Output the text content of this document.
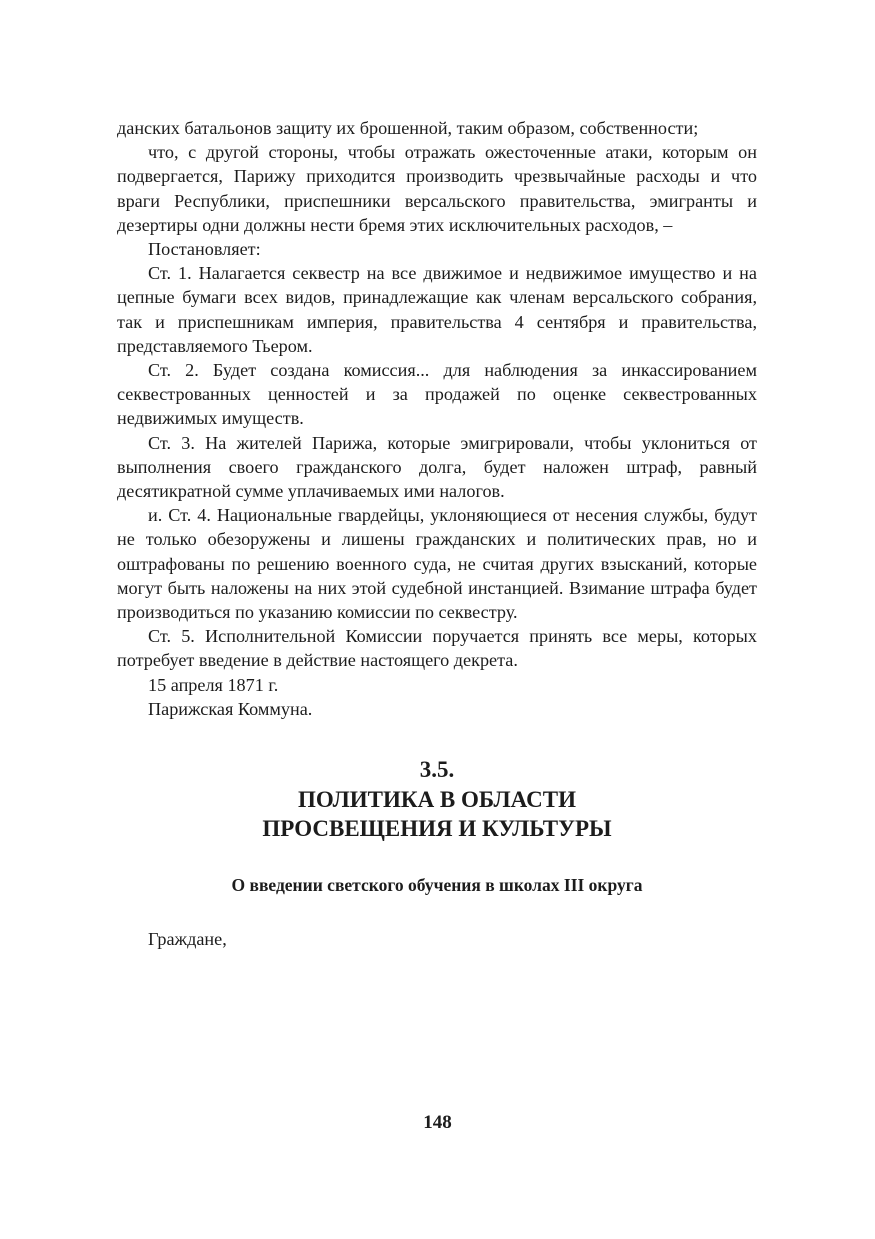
данских батальонов защиту их брошенной, таким образом, собственности;

что, с другой стороны, чтобы отражать ожесточенные атаки, которым он подвергается, Парижу приходится производить чрезвычайные расходы и что враги Республики, приспешники версальского правительства, эмигранты и дезертиры одни должны нести бремя этих исключительных расходов, –

Постановляет:

Ст. 1. Налагается секвестр на все движимое и недвижимое имущество и на цепные бумаги всех видов, принадлежащие как членам версальского собрания, так и приспешникам империя, правительства 4 сентября и правительства, представляемого Тьером.

Ст. 2. Будет создана комиссия... для наблюдения за инкассированием секвестрованных ценностей и за продажей по оценке секвестрованных недвижимых имуществ.

Ст. 3. На жителей Парижа, которые эмигрировали, чтобы уклониться от выполнения своего гражданского долга, будет наложен штраф, равный десятикратной сумме уплачиваемых ими налогов.

и. Ст. 4. Национальные гвардейцы, уклоняющиеся от несения службы, будут не только обезоружены и лишены гражданских и политических прав, но и оштрафованы по решению военного суда, не считая других взысканий, которые могут быть наложены на них этой судебной инстанцией. Взимание штрафа будет производиться по указанию комиссии по секвестру.

Ст. 5. Исполнительной Комиссии поручается принять все меры, которых потребует введение в действие настоящего декрета.

15 апреля 1871 г.

Парижская Коммуна.

3.5.

ПОЛИТИКА В ОБЛАСТИ

ПРОСВЕЩЕНИЯ И КУЛЬТУРЫ

О введении светского обучения в школах III округа
Граждане,
148
